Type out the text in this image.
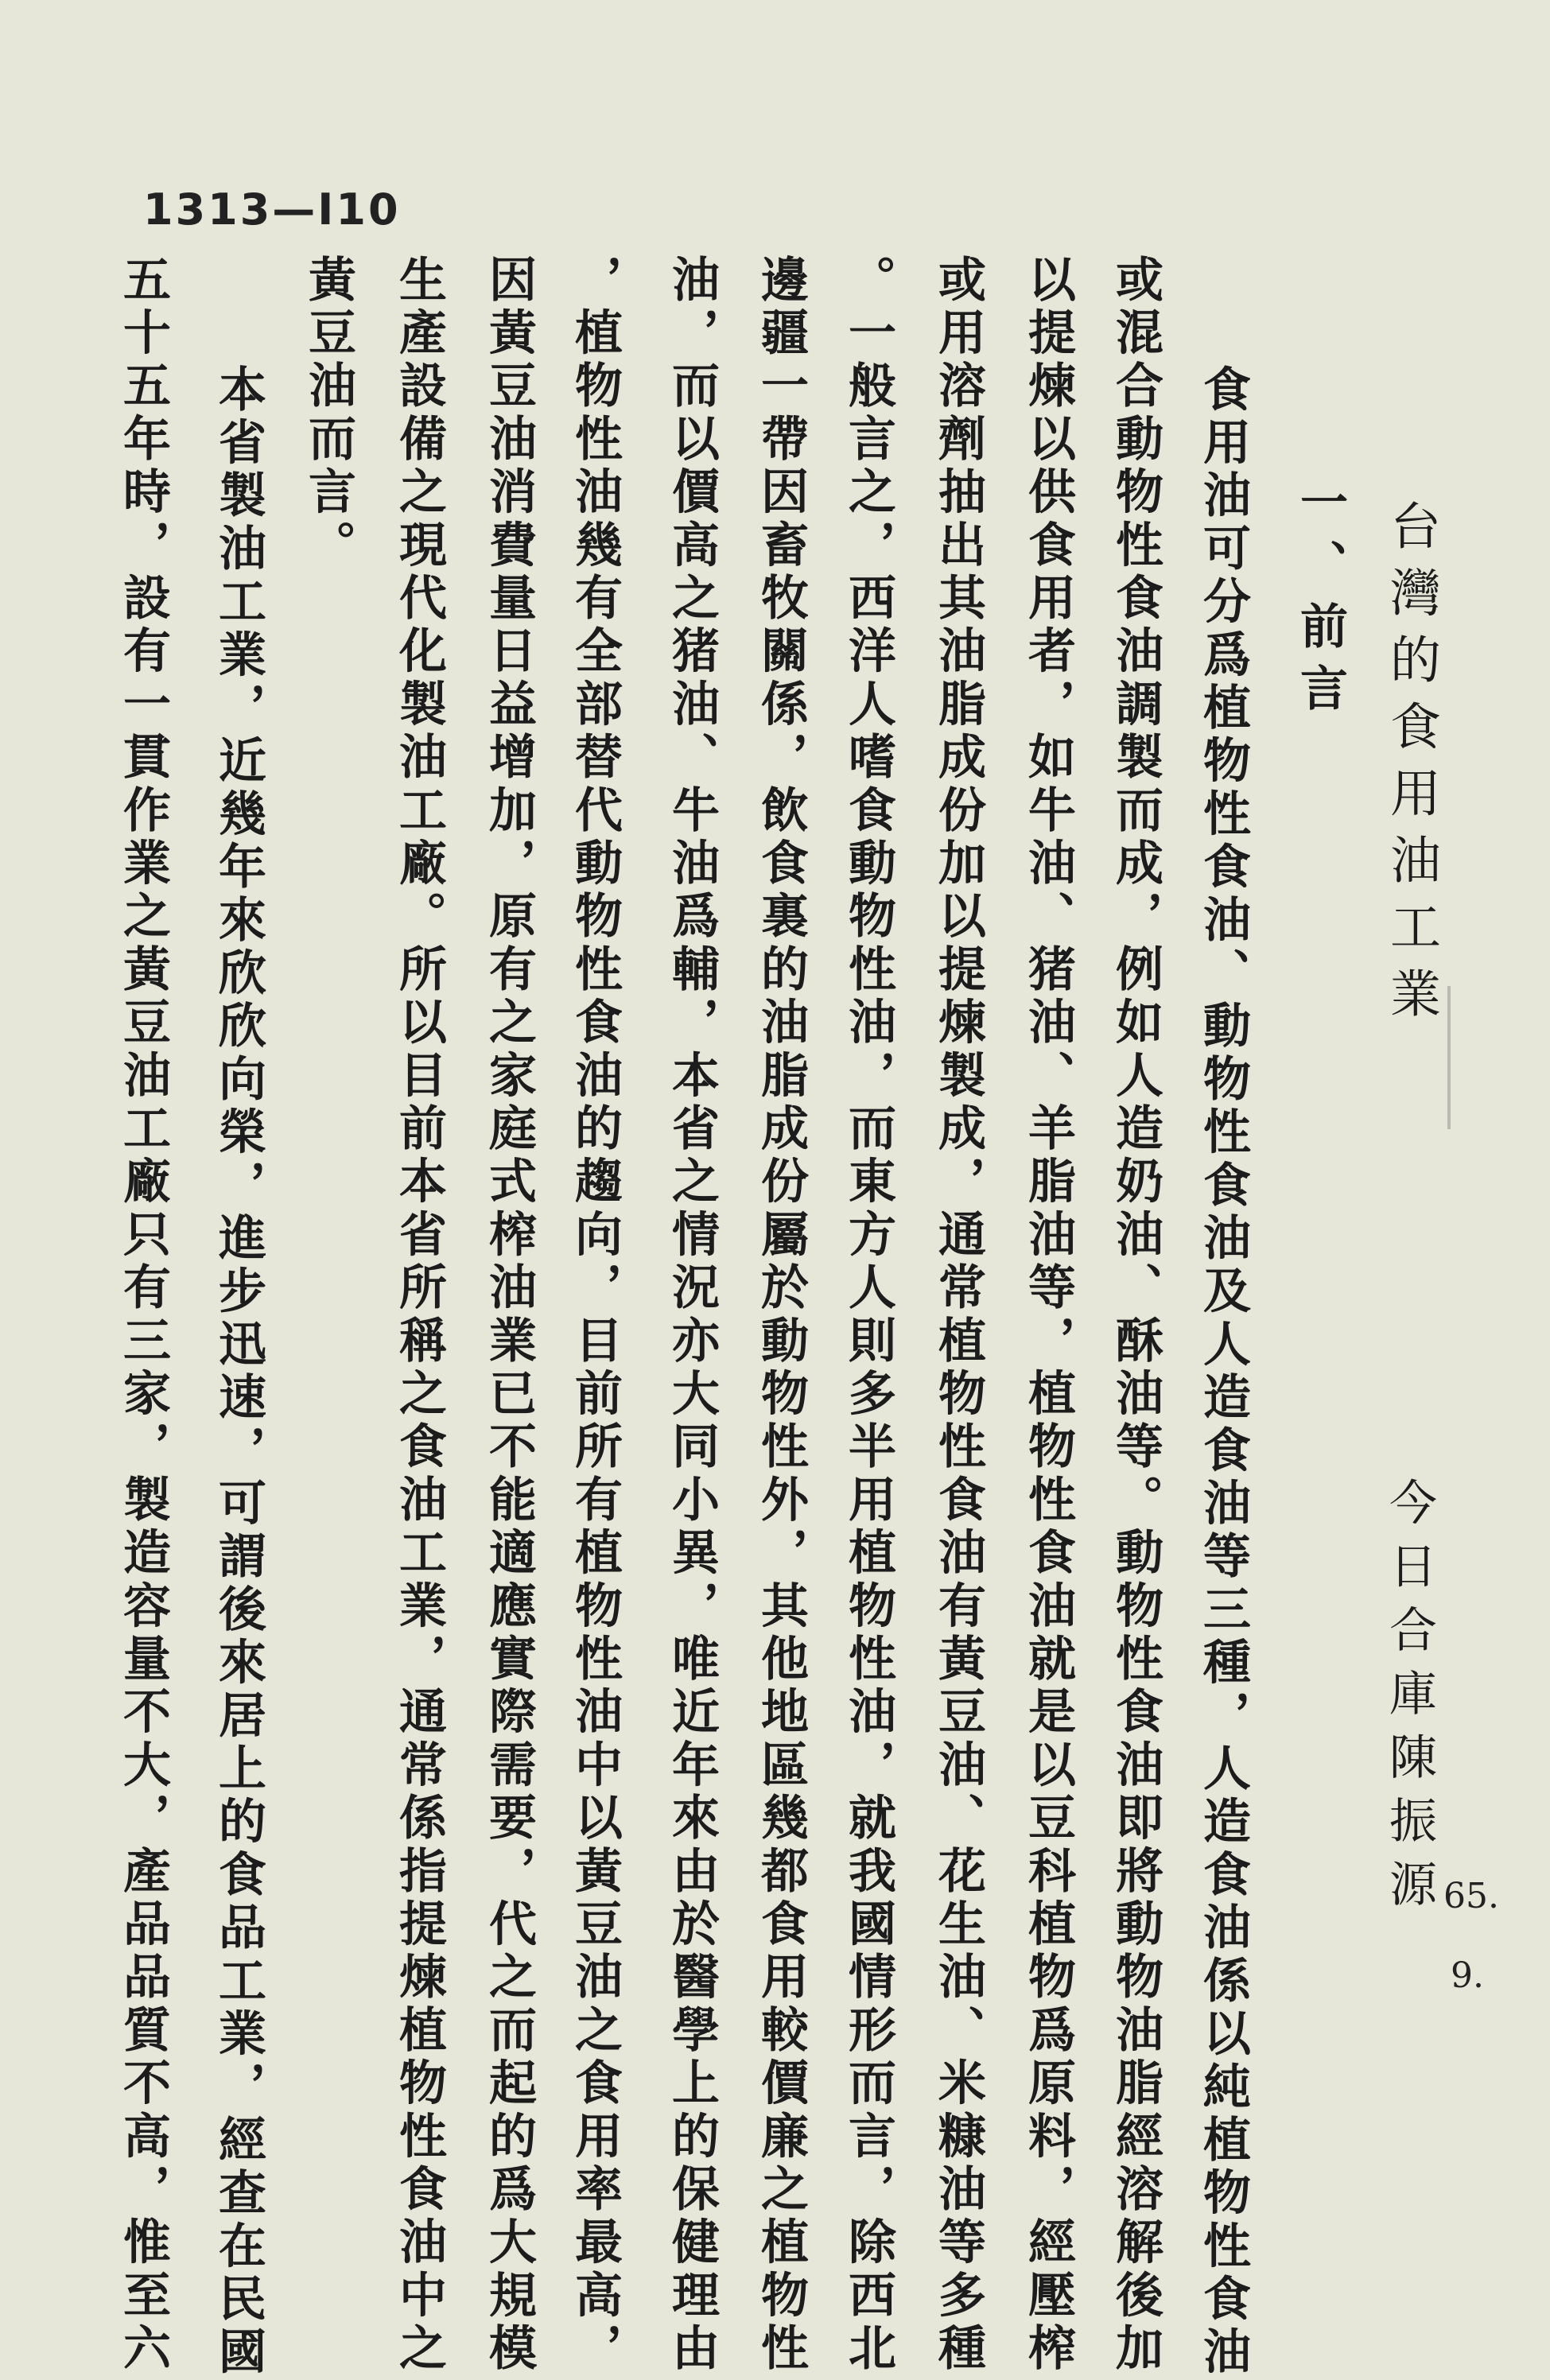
1313—I10
台灣的食用油工業
今日合庫陳振源 65.
9.
一、前言
食用油可分爲植物性食油、動物性食油及人造食油等三種，人造食油係以純植物性食油
或混合動物性食油調製而成，例如人造奶油、酥油等。動物性食油即將動物油脂經溶解後加
以提煉以供食用者，如牛油、猪油、羊脂油等，植物性食油就是以豆科植物爲原料，經壓榨
或用溶劑抽出其油脂成份加以提煉製成，通常植物性食油有黃豆油、花生油、米糠油等多種
。一般言之，西洋人嗜食動物性油，而東方人則多半用植物性油，就我國情形而言，除西北
邊疆一帶因畜牧關係，飲食裏的油脂成份屬於動物性外，其他地區幾都食用較價廉之植物性
油，而以價高之猪油、牛油爲輔，本省之情況亦大同小異，唯近年來由於醫學上的保健理由
，植物性油幾有全部替代動物性食油的趨向，目前所有植物性油中以黃豆油之食用率最高，
因黃豆油消費量日益增加，原有之家庭式榨油業已不能適應實際需要，代之而起的爲大規模
生產設備之現代化製油工廠。所以目前本省所稱之食油工業，通常係指提煉植物性食油中之
黃豆油而言。
本省製油工業，近幾年來欣欣向榮，進步迅速，可謂後來居上的食品工業，經查在民國
五十五年時，設有一貫作業之黃豆油工廠只有三家，製造容量不大，產品品質不高，惟至六
